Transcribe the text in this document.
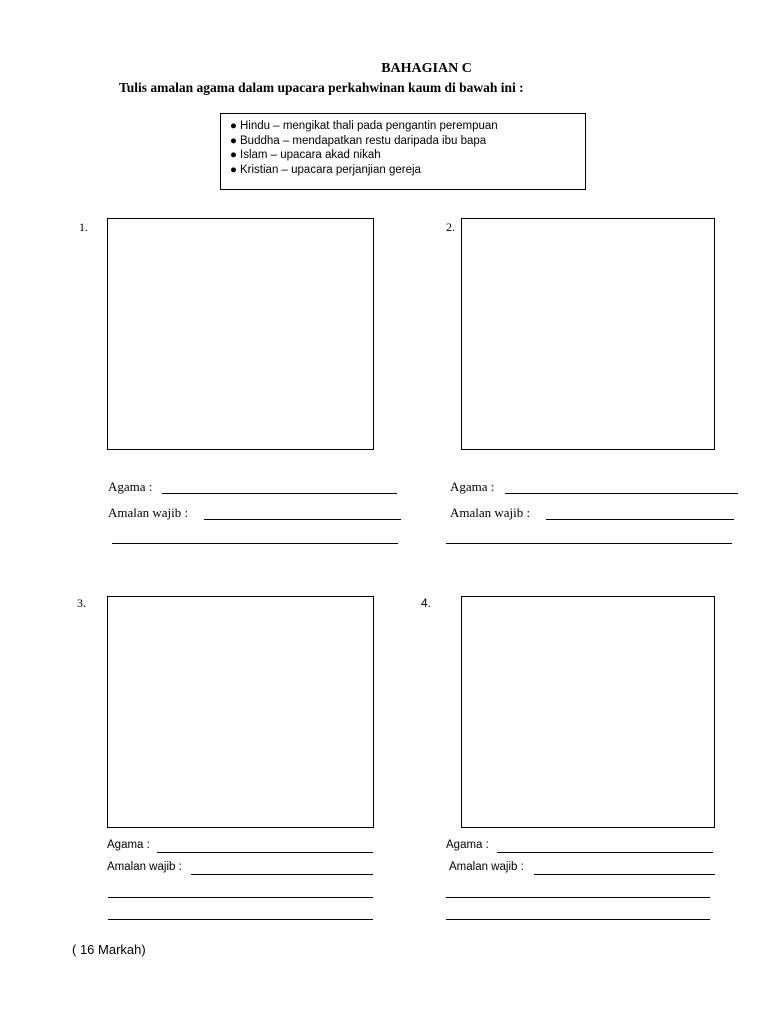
BAHAGIAN C
Tulis amalan agama dalam upacara perkahwinan kaum di bawah ini :
● Hindu – mengikat thali pada pengantin perempuan
● Buddha – mendapatkan restu daripada ibu bapa
● Islam – upacara akad nikah
● Kristian – upacara perjanjian gereja
1.
Agama :
Amalan wajib :
2.
Agama :
Amalan wajib :
3.
Agama :
Amalan wajib :
4.
Agama :
Amalan wajib :
( 16 Markah)
